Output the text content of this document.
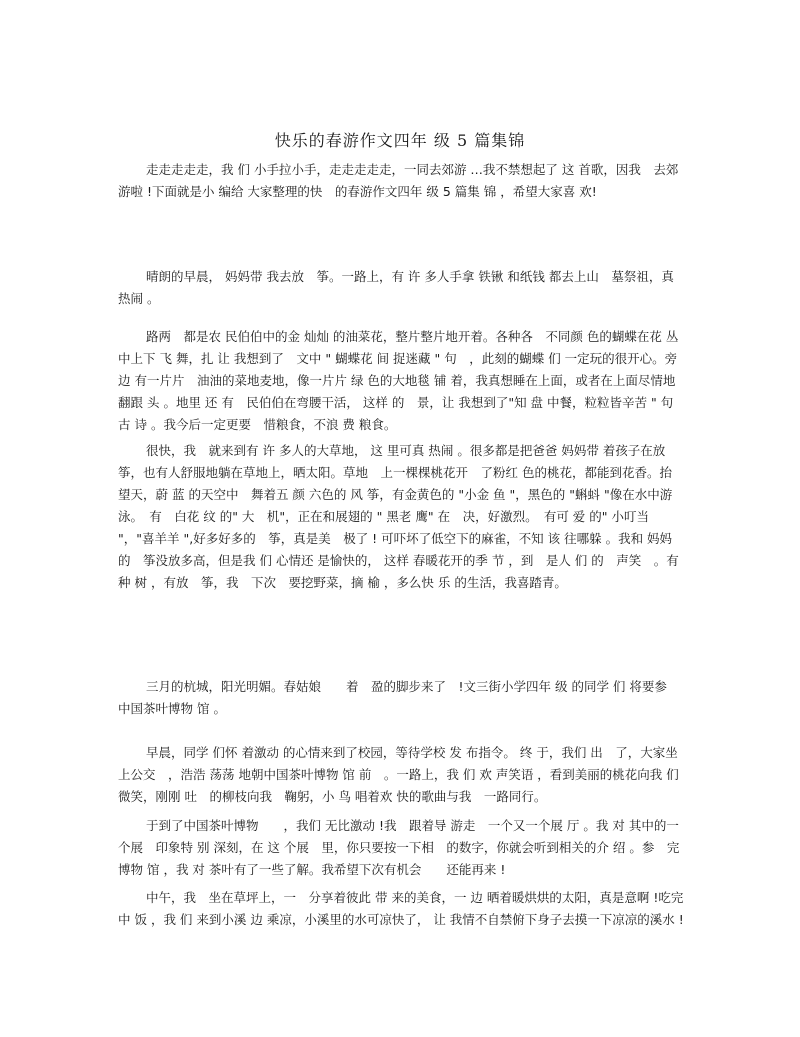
快乐的春游作文四年 级 5 篇集锦
走走走走走，我 们 小手拉小手，走走走走走，一同去郊游 …我不禁想起了 这 首歌，因我　去郊游啦 !下面就是小 编给 大家整理的快　的春游作文四年 级 5 篇集 锦 ，希望大家喜 欢!
晴朗的早晨， 妈妈带 我去放　筝。一路上，有 许 多人手拿 铁锹 和纸钱 都去上山　墓祭祖，真 热闹 。
路两　都是农 民伯伯中的金 灿灿 的油菜花，整片整片地开着。各种各　不同颜 色的蝴蝶在花 丛 中上下 飞 舞，扎 让 我想到了　文中 " 蝴蝶花 间 捉迷藏 " 句　，此刻的蝴蝶 们 一定玩的很开心。旁 边 有一片片　油油的菜地麦地，像一片片 绿 色的大地毯 铺 着，我真想睡在上面，或者在上面尽情地翻跟 头 。地里 还 有　民伯伯在弯腰干活， 这样 的　景，让 我想到了"知 盘 中餐，粒粒皆辛苦 " 句古 诗 。我今后一定更要　惜粮食，不浪 费 粮食。
很快，我　就来到有 许 多人的大草地， 这 里可真 热闹 。很多都是把爸爸 妈妈带 着孩子在放　筝，也有人舒服地躺在草地上，晒太阳。草地　上一棵棵桃花开　了粉红 色的桃花，都能到花香。抬　望天，蔚 蓝 的天空中　舞着五 颜 六色的 风 筝，有金黄色的 "小金 鱼 "，黑色的 "蝌蚪 "像在水中游泳。　有　白花 纹 的" 大　机"，正在和展翅的 " 黑老 鹰" 在　决，好激烈。　有可 爱 的" 小叮当 "，"喜羊羊 ",好多好多的　筝，真是美　极了 ! 可吓坏了低空下的麻雀，不知 该 往哪躲 。我和 妈妈 的　筝没放多高，但是我 们 心情还 是愉快的， 这样 春暖花开的季 节 ，到　是人 们 的　声笑　。有种 树 ，有放　筝，我　下次　要挖野菜，摘 榆 ，多么快 乐 的生活，我喜踏青。
三月的杭城，阳光明媚。春姑娘　　着　盈的脚步来了　!文三街小学四年 级 的同学 们 将要参　中国茶叶博物 馆 。
早晨，同学 们怀 着激动 的心情来到了校园，等待学校 发 布指令。 终 于，我们 出　了，大家坐上公交　，浩浩 荡荡 地朝中国茶叶博物 馆 前　。一路上，我 们 欢 声笑语 ，看到美丽的桃花向我 们 微笑，刚刚 吐　的柳枝向我　鞠躬，小 鸟 唱着欢 快的歌曲与我　一路同行。
于到了中国茶叶博物　　，我们 无比激动 !我　跟着导 游走　一个又一个展 厅 。我 对 其中的一个展　印象特 别 深刻，在 这 个展　里，你只要按一下相　的数字，你就会听到相关的介 绍 。参　完博物 馆 ，我 对 茶叶有了一些了解。我希望下次有机会　　还能再来 !
中午，我　坐在草坪上，一　分享着彼此 带 来的美食，一 边 晒着暖烘烘的太阳，真是意啊 !吃完中 饭 ，我 们 来到小溪 边 乘凉，小溪里的水可凉快了， 让 我情不自禁俯下身子去摸一下凉凉的溪水 !
